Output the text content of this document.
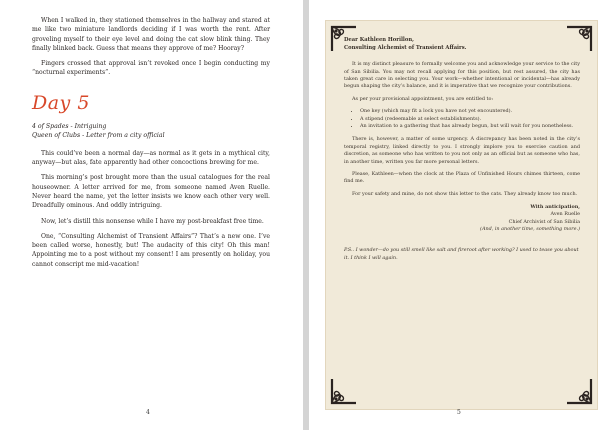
When I walked in, they stationed themselves in the hallway and stared at me like two miniature landlords deciding if I was worth the rent. After groveling myself to their eye level and doing the cat slow blink thing. They finally blinked back. Guess that means they approve of me? Hooray?

Fingers crossed that approval isn’t revoked once I begin conducting my “nocturnal experiments”.

Day 5
4 of Spades - Intriguing
Queen of Clubs - Letter from a city official

This could’ve been a normal day—as normal as it gets in a mythical city, anyway—but alas, fate apparently had other concoctions brewing for me.

This morning’s post brought more than the usual catalogues for the real houseowner. A letter arrived for me, from someone named Aven Ruelle. Never heard the name, yet the letter insists we know each other very well. Dreadfully ominous. And oddly intriguing.

Now, let’s distill this nonsense while I have my post-breakfast free time.

One, “Consulting Alchemist of Transient Affairs”? That’s a new one. I’ve been called worse, honestly, but! The audacity of this city! Oh this man! Appointing me to a post without my consent! I am presently on holiday, you cannot conscript me mid-vacation!

4
Dear Kathleen Horillon,
Consulting Alchemist of Transient Affairs.

It is my distinct pleasure to formally welcome you and acknowledge your service to the city of San Sibilia. You may not recall applying for this position, but rest assured, the city has taken great care in selecting you. Your work—whether intentional or incidental—has already begun shaping the city’s balance, and it is imperative that we recognize your contributions.

As per your provisional appointment, you are entitled to:

• One key (which may fit a lock you have not yet encountered).
• A stipend (redeemable at select establishments).
• An invitation to a gathering that has already begun, but will wait for you nonetheless.

There is, however, a matter of some urgency. A discrepancy has been noted in the city’s temporal registry, linked directly to you. I strongly implore you to exercise caution and discretion, as someone who has written to you not only as an official but as someone who has, in another time, written you far more personal letters.

Please, Kathleen—when the clock at the Plaza of Unfinished Hours chimes thirteen, come find me.

For your safety and mine, do not show this letter to the cats. They already know too much.

With anticipation,
Aven Ruelle
Chief Archivist of San Sibilia
(And, in another time, something more.)
P.S.. I wonder—do you still smell like salt and fireroot after working? I used to tease you about it. I think I will again.
5
